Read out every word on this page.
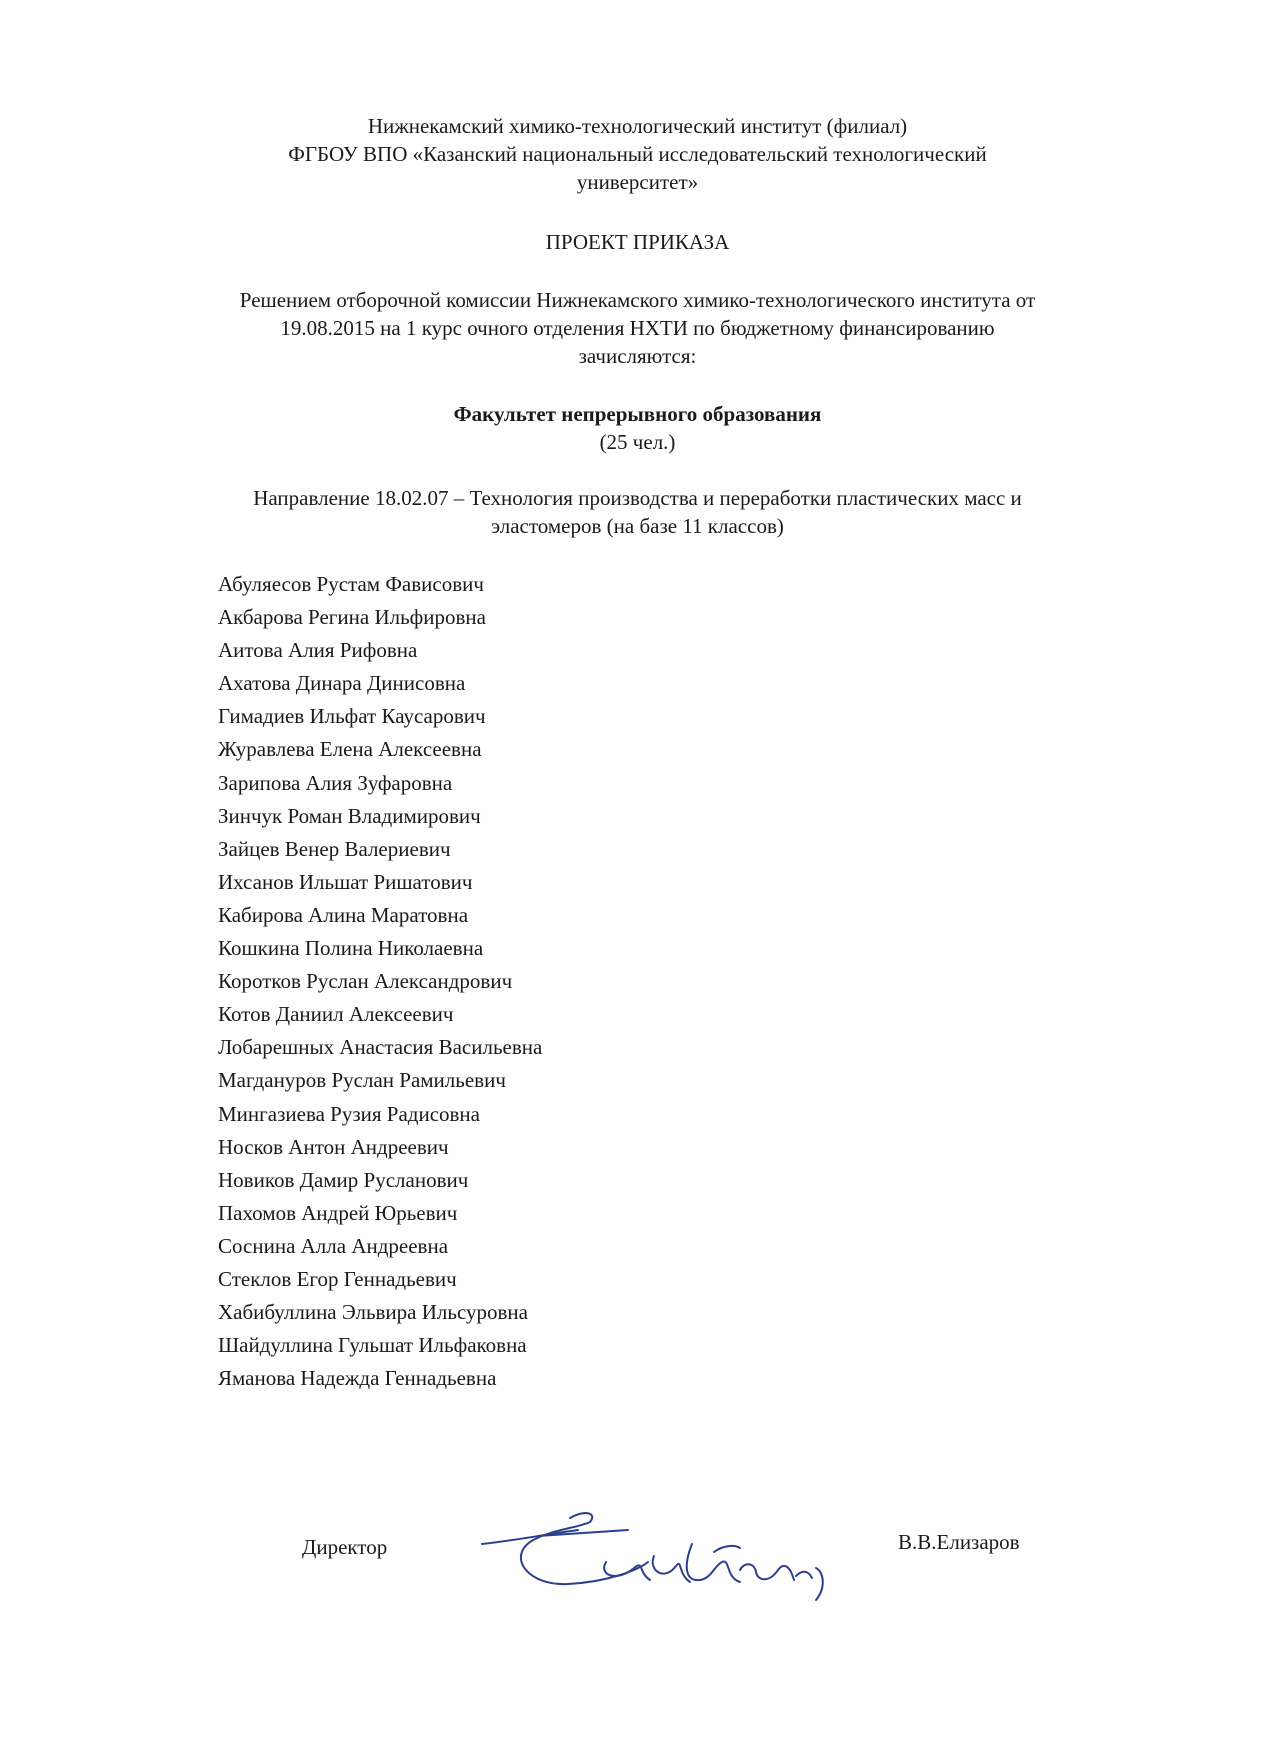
Нижнекамский химико-технологический институт (филиал)
ФГБОУ ВПО «Казанский национальный исследовательский технологический
университет»
ПРОЕКТ ПРИКАЗА
Решением отборочной комиссии Нижнекамского химико-технологического института от
19.08.2015 на 1 курс очного отделения НХТИ по бюджетному финансированию
зачисляются:
Факультет непрерывного образования
(25 чел.)
Направление 18.02.07 – Технология производства и переработки пластических масс и
эластомеров (на базе 11 классов)
Абуляесов Рустам Фависович
Акбарова Регина Ильфировна
Аитова Алия Рифовна
Ахатова Динара Динисовна
Гимадиев Ильфат Каусарович
Журавлева Елена Алексеевна
Зарипова Алия Зуфаровна
Зинчук Роман Владимирович
Зайцев Венер Валериевич
Ихсанов Ильшат Ришатович
Кабирова Алина Маратовна
Кошкина Полина Николаевна
Коротков Руслан Александрович
Котов Даниил Алексеевич
Лобарешных Анастасия Васильевна
Магдануров Руслан Рамильевич
Мингазиева Рузия Радисовна
Носков Антон Андреевич
Новиков Дамир Русланович
Пахомов Андрей Юрьевич
Соснина Алла Андреевна
Стеклов Егор Геннадьевич
Хабибуллина Эльвира Ильсуровна
Шайдуллина Гульшат Ильфаковна
Яманова Надежда Геннадьевна
Директор	В.В.Елизаров
